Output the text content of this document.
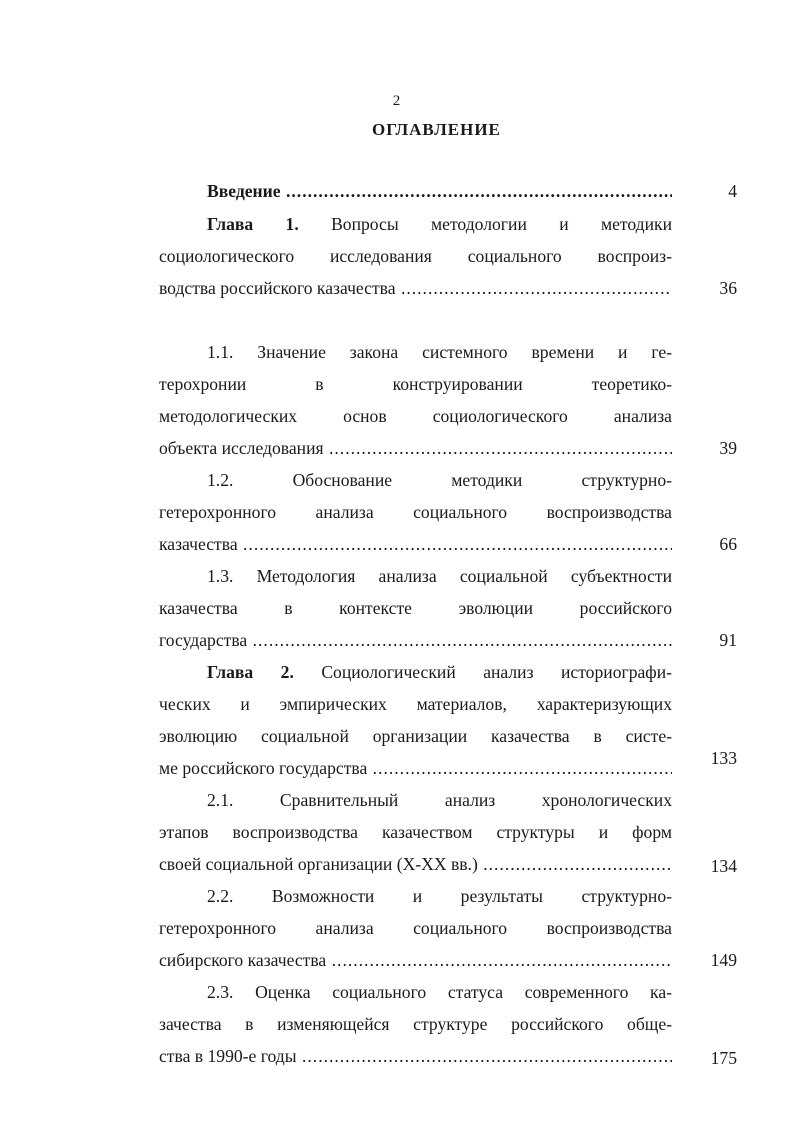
2
ОГЛАВЛЕНИЕ
Введение .....	4
Глава 1. Вопросы методологии и методики
социологического исследования социального воспроиз-
водства российского казачества .....	36
1.1. Значение закона системного времени и ге-
терохронии в конструировании теоретико-
методологических основ социологического анализа
объекта исследования .....	39
1.2. Обоснование методики структурно-
гетерохронного анализа социального воспроизводства
казачества .....	66
1.3. Методология анализа социальной субъектности
казачества в контексте эволюции российского
государства .....	91
Глава 2. Социологический анализ историографи-
ческих и эмпирических материалов, характеризующих
эволюцию социальной организации казачества в систе-
ме российского государства .....	133
2.1. Сравнительный анализ хронологических
этапов воспроизводства казачеством структуры и форм
своей социальной организации (Х-ХХ вв.) .....	134
2.2. Возможности и результаты структурно-
гетерохронного анализа социального воспроизводства
сибирского казачества .....	149
2.3. Оценка социального статуса современного ка-
зачества в изменяющейся структуре российского обще-
ства в 1990-е годы .....	175
